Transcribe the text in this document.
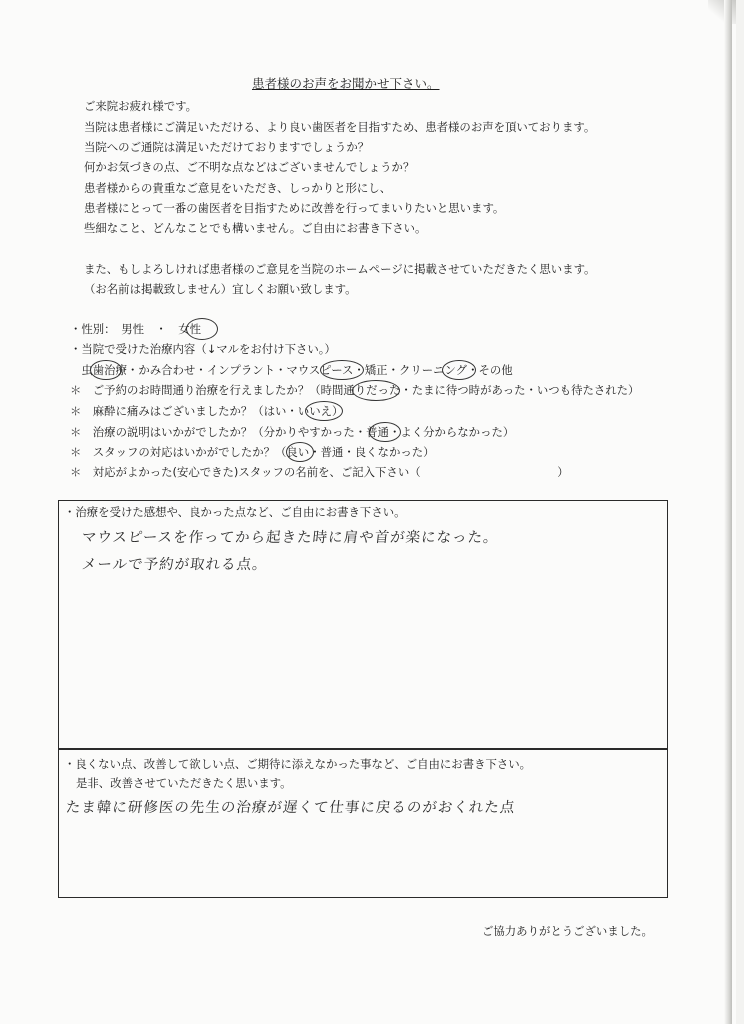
患者様のお声をお聞かせ下さい。
ご来院お疲れ様です。
当院は患者様にご満足いただける、より良い歯医者を目指すため、患者様のお声を頂いております。
当院へのご通院は満足いただけておりますでしょうか？
何かお気づきの点、ご不明な点などはございませんでしょうか？
患者様からの貴重なご意見をいただき、しっかりと形にし、
患者様にとって一番の歯医者を目指すために改善を行ってまいりたいと思います。
些細なこと、どんなことでも構いません。ご自由にお書き下さい。
また、もしよろしければ患者様のご意見を当院のホームページに掲載させていただきたく思います。
（お名前は掲載致しません）宜しくお願い致します。
・性別：　男性　・　女性
・当院で受けた治療内容（↓マルをお付け下さい。）
　虫歯治療・かみ合わせ・インプラント・マウスピース・矯正・クリーニング・その他
＊　ご予約のお時間通り治療を行えましたか？（時間通りだった・たまに待つ時があった・いつも待たされた）
＊　麻酔に痛みはございましたか？（はい・いいえ）
＊　治療の説明はいかがでしたか？（分かりやすかった・普通・よく分からなかった）
＊　スタッフの対応はいかがでしたか？（良い・普通・良くなかった）
＊　対応がよかった(安心できた)スタッフの名前を、ご記入下さい（　　　　　　　　　　　　）
・治療を受けた感想や、良かった点など、ご自由にお書き下さい。
マウスピースを作ってから起きた時に肩や首が楽になった。
メールで予約が取れる点。
・良くない点、改善して欲しい点、ご期待に添えなかった事など、ご自由にお書き下さい。
是非、改善させていただきたく思います。
たま韓に研修医の先生の治療が遅くて仕事に戻るのがおくれた点
ご協力ありがとうございました。
